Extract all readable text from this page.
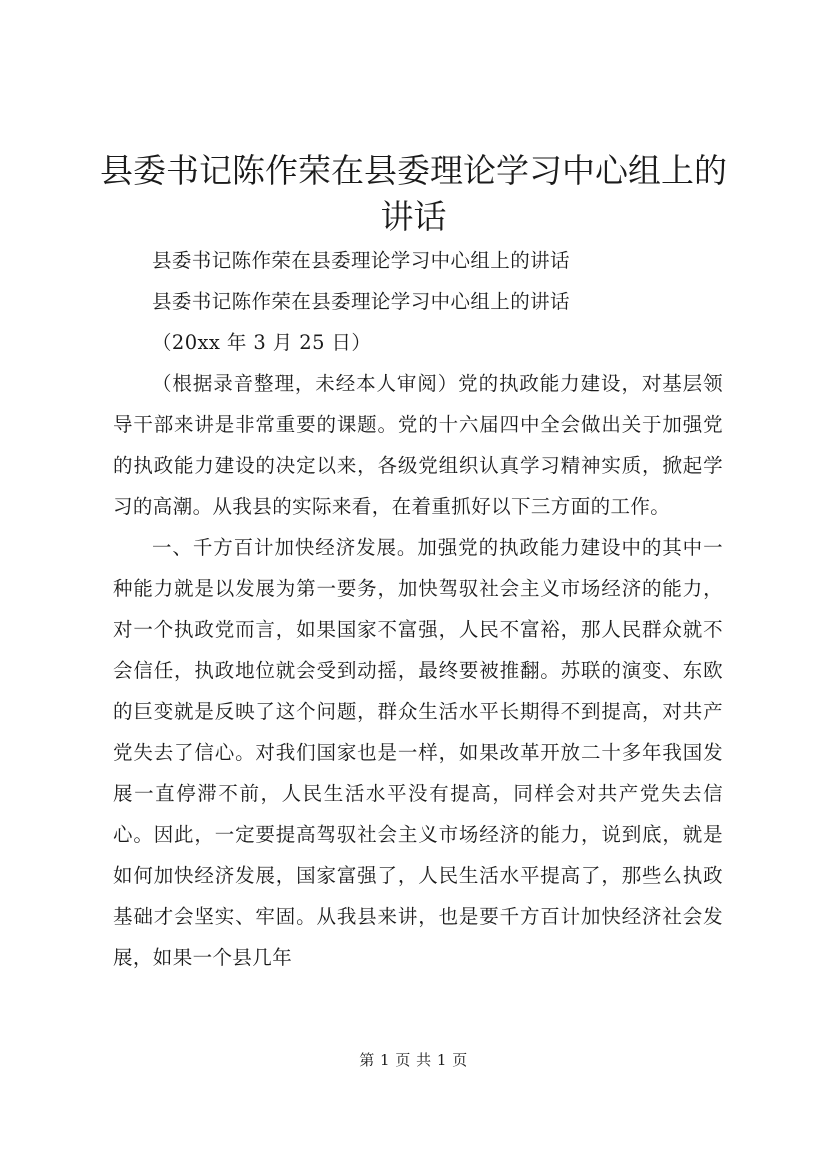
县委书记陈作荣在县委理论学习中心组上的讲话

县委书记陈作荣在县委理论学习中心组上的讲话

县委书记陈作荣在县委理论学习中心组上的讲话

（20xx 年 3 月 25 日）

（根据录音整理，未经本人审阅）党的执政能力建设，对基层领导干部来讲是非常重要的课题。党的十六届四中全会做出关于加强党的执政能力建设的决定以来，各级党组织认真学习精神实质，掀起学习的高潮。从我县的实际来看，在着重抓好以下三方面的工作。

一、千方百计加快经济发展。加强党的执政能力建设中的其中一种能力就是以发展为第一要务，加快驾驭社会主义市场经济的能力，对一个执政党而言，如果国家不富强，人民不富裕，那人民群众就不会信任，执政地位就会受到动摇，最终要被推翻。苏联的演变、东欧的巨变就是反映了这个问题，群众生活水平长期得不到提高，对共产党失去了信心。对我们国家也是一样，如果改革开放二十多年我国发展一直停滞不前，人民生活水平没有提高，同样会对共产党失去信心。因此，一定要提高驾驭社会主义市场经济的能力，说到底，就是如何加快经济发展，国家富强了，人民生活水平提高了，那些么执政基础才会坚实、牢固。从我县来讲，也是要千方百计加快经济社会发展，如果一个县几年

第 1 页 共 1 页
